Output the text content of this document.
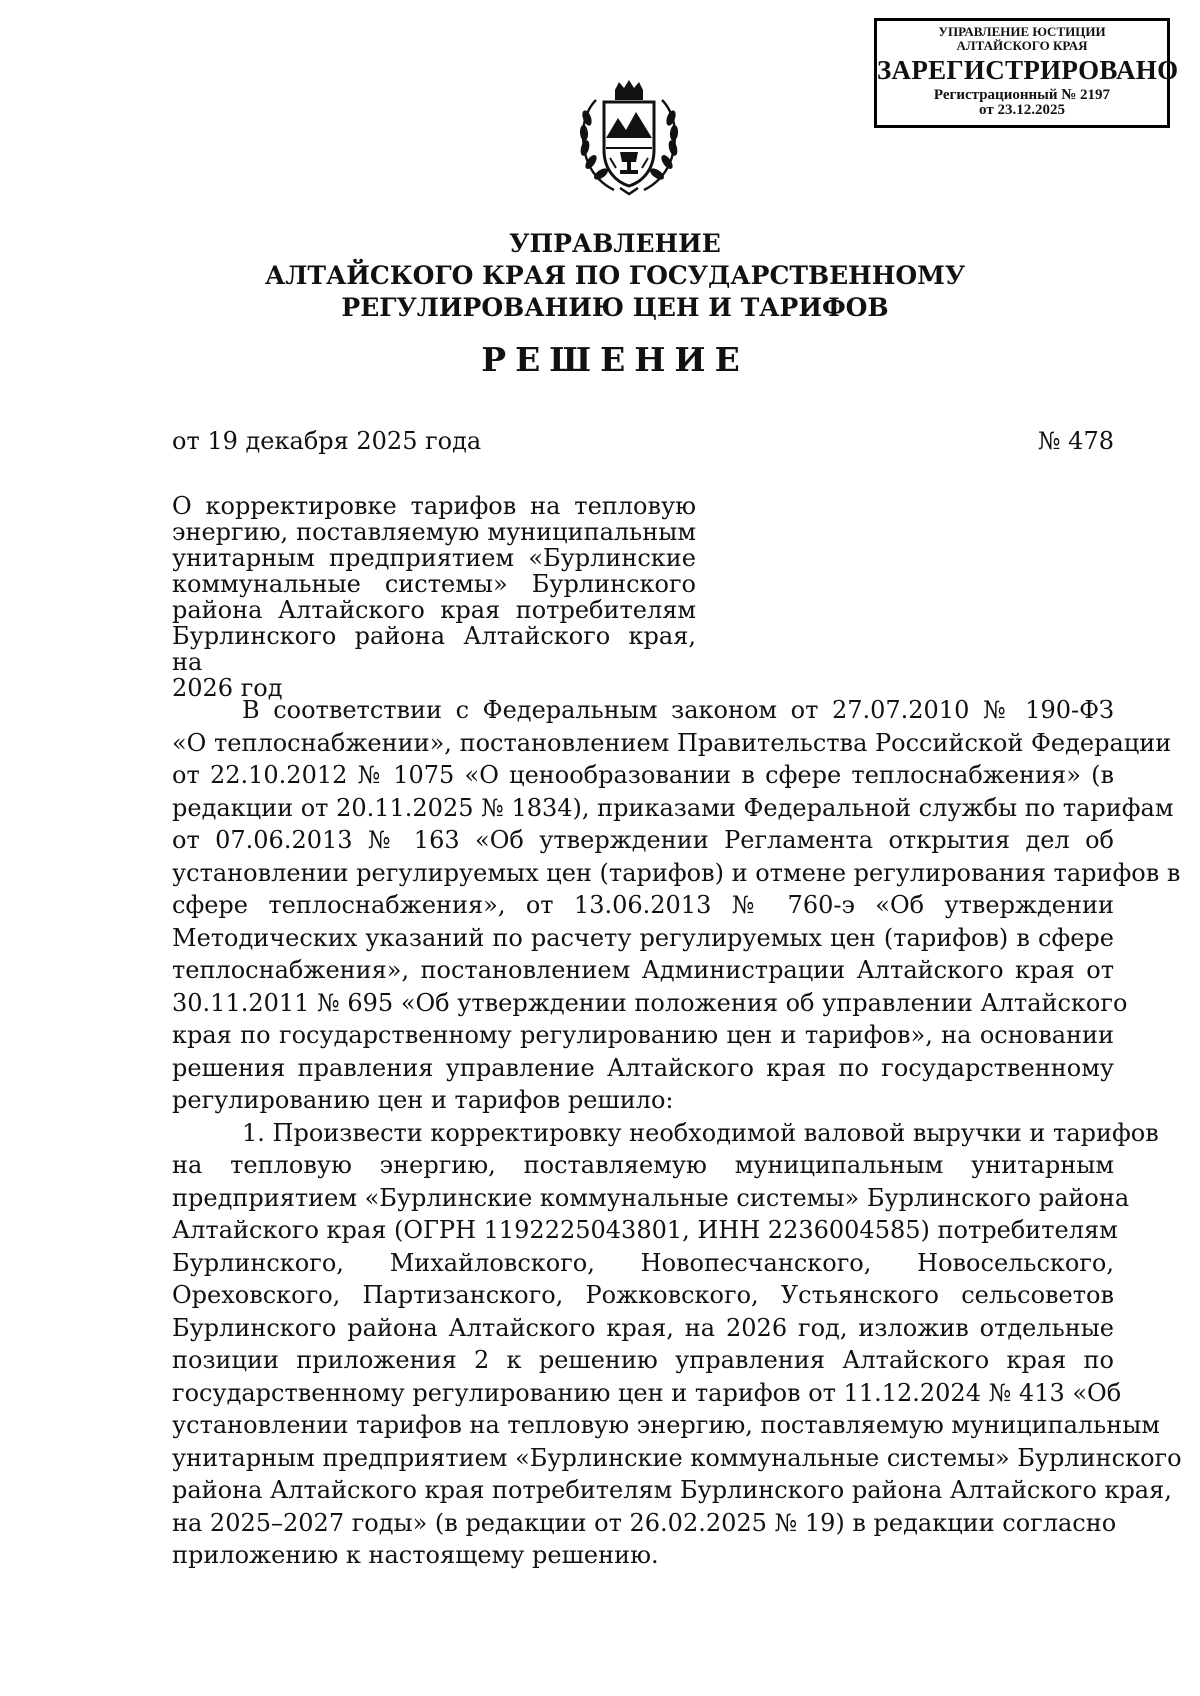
УПРАВЛЕНИЕ ЮСТИЦИИ
АЛТАЙСКОГО КРАЯ
ЗАРЕГИСТРИРОВАНО
Регистрационный № 2197
от 23.12.2025
УПРАВЛЕНИЕ
АЛТАЙСКОГО КРАЯ ПО ГОСУДАРСТВЕННОМУ
РЕГУЛИРОВАНИЮ ЦЕН И ТАРИФОВ
РЕШЕНИЕ
от 19 декабря 2025 года	№ 478
О корректировке тарифов на тепловую
энергию, поставляемую муниципальным
унитарным предприятием «Бурлинские
коммунальные системы» Бурлинского
района Алтайского края потребителям
Бурлинского района Алтайского края, на
2026 год
В соответствии с Федеральным законом от 27.07.2010 № 190-ФЗ
«О теплоснабжении», постановлением Правительства Российской Федерации
от 22.10.2012 № 1075 «О ценообразовании в сфере теплоснабжения» (в
редакции от 20.11.2025 № 1834), приказами Федеральной службы по тарифам
от 07.06.2013 № 163 «Об утверждении Регламента открытия дел об
установлении регулируемых цен (тарифов) и отмене регулирования тарифов в
сфере теплоснабжения», от 13.06.2013 № 760-э «Об утверждении
Методических указаний по расчету регулируемых цен (тарифов) в сфере
теплоснабжения», постановлением Администрации Алтайского края от
30.11.2011 № 695 «Об утверждении положения об управлении Алтайского
края по государственному регулированию цен и тарифов», на основании
решения правления управление Алтайского края по государственному
регулированию цен и тарифов решило:
1. Произвести корректировку необходимой валовой выручки и тарифов
на тепловую энергию, поставляемую муниципальным унитарным
предприятием «Бурлинские коммунальные системы» Бурлинского района
Алтайского края (ОГРН 1192225043801, ИНН 2236004585) потребителям
Бурлинского, Михайловского, Новопесчанского, Новосельского,
Ореховского, Партизанского, Рожковского, Устьянского сельсоветов
Бурлинского района Алтайского края, на 2026 год, изложив отдельные
позиции приложения 2 к решению управления Алтайского края по
государственному регулированию цен и тарифов от 11.12.2024 № 413 «Об
установлении тарифов на тепловую энергию, поставляемую муниципальным
унитарным предприятием «Бурлинские коммунальные системы» Бурлинского
района Алтайского края потребителям Бурлинского района Алтайского края,
на 2025–2027 годы» (в редакции от 26.02.2025 № 19) в редакции согласно
приложению к настоящему решению.
